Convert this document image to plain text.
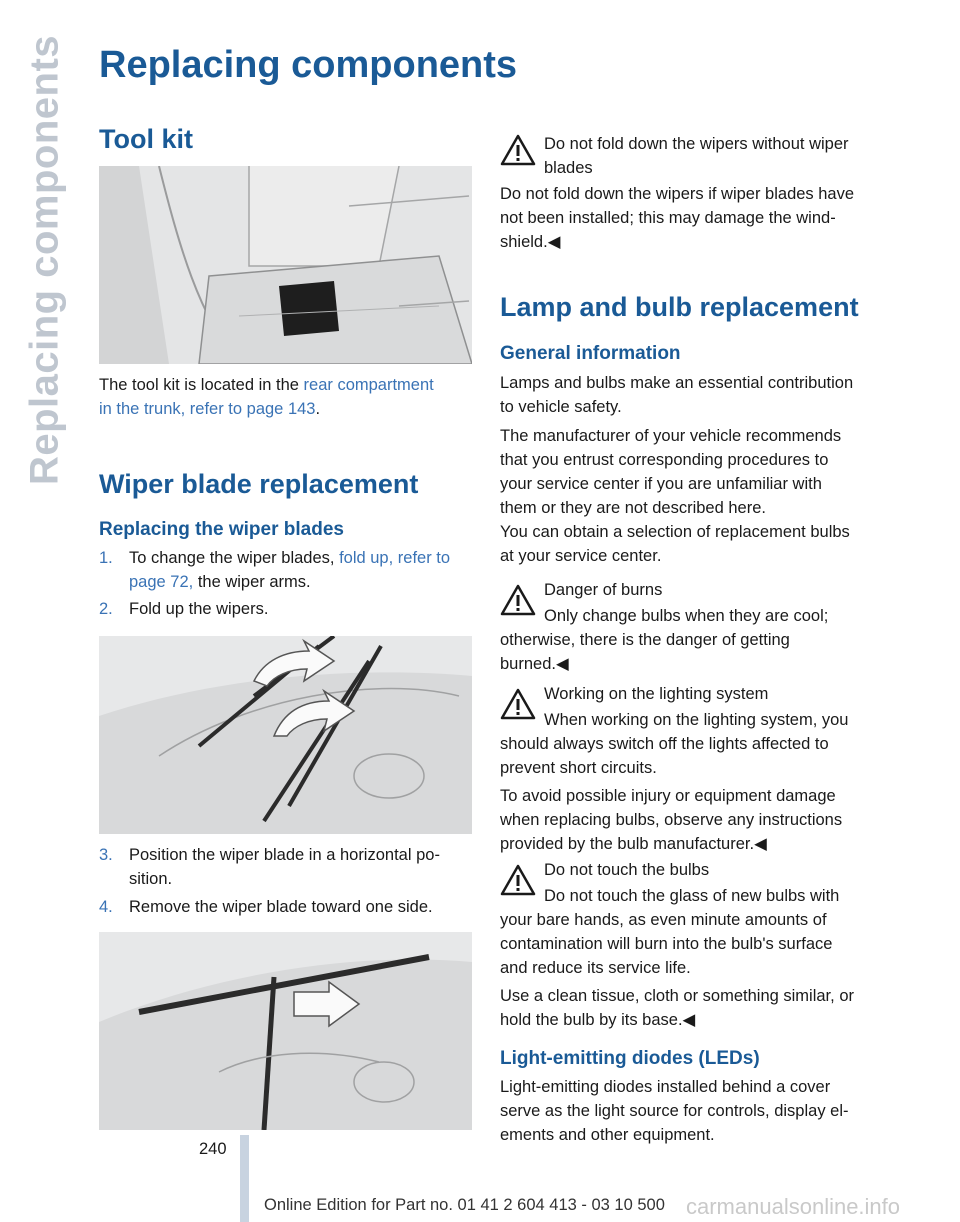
Replacing components Replacing components
Tool kit
The tool kit is located in the rear compartment
in the trunk, refer to page 143.
Wiper blade replacement
Replacing the wiper blades
1. To change the wiper blades, fold up, refer to
page 72, the wiper arms.
2. Fold up the wipers.
3. Position the wiper blade in a horizontal po-
sition.
4. Remove the wiper blade toward one side.
Do not fold down the wipers without wiper
blades
Do not fold down the wipers if wiper blades have
not been installed; this may damage the wind-
shield.◀
Lamp and bulb replacement
General information
Lamps and bulbs make an essential contribution
to vehicle safety.
The manufacturer of your vehicle recommends
that you entrust corresponding procedures to
your service center if you are unfamiliar with
them or they are not described here.
You can obtain a selection of replacement bulbs
at your service center.
Danger of burns
Only change bulbs when they are cool;
otherwise, there is the danger of getting
burned.◀
Working on the lighting system
When working on the lighting system, you
should always switch off the lights affected to
prevent short circuits.
To avoid possible injury or equipment damage
when replacing bulbs, observe any instructions
provided by the bulb manufacturer.◀
Do not touch the bulbs
Do not touch the glass of new bulbs with
your bare hands, as even minute amounts of
contamination will burn into the bulb's surface
and reduce its service life.
Use a clean tissue, cloth or something similar, or
hold the bulb by its base.◀
Light-emitting diodes (LEDs)
Light-emitting diodes installed behind a cover
serve as the light source for controls, display el-
ements and other equipment.
240
Online Edition for Part no. 01 41 2 604 413 - 03 10 500 carmanualsonline.info
